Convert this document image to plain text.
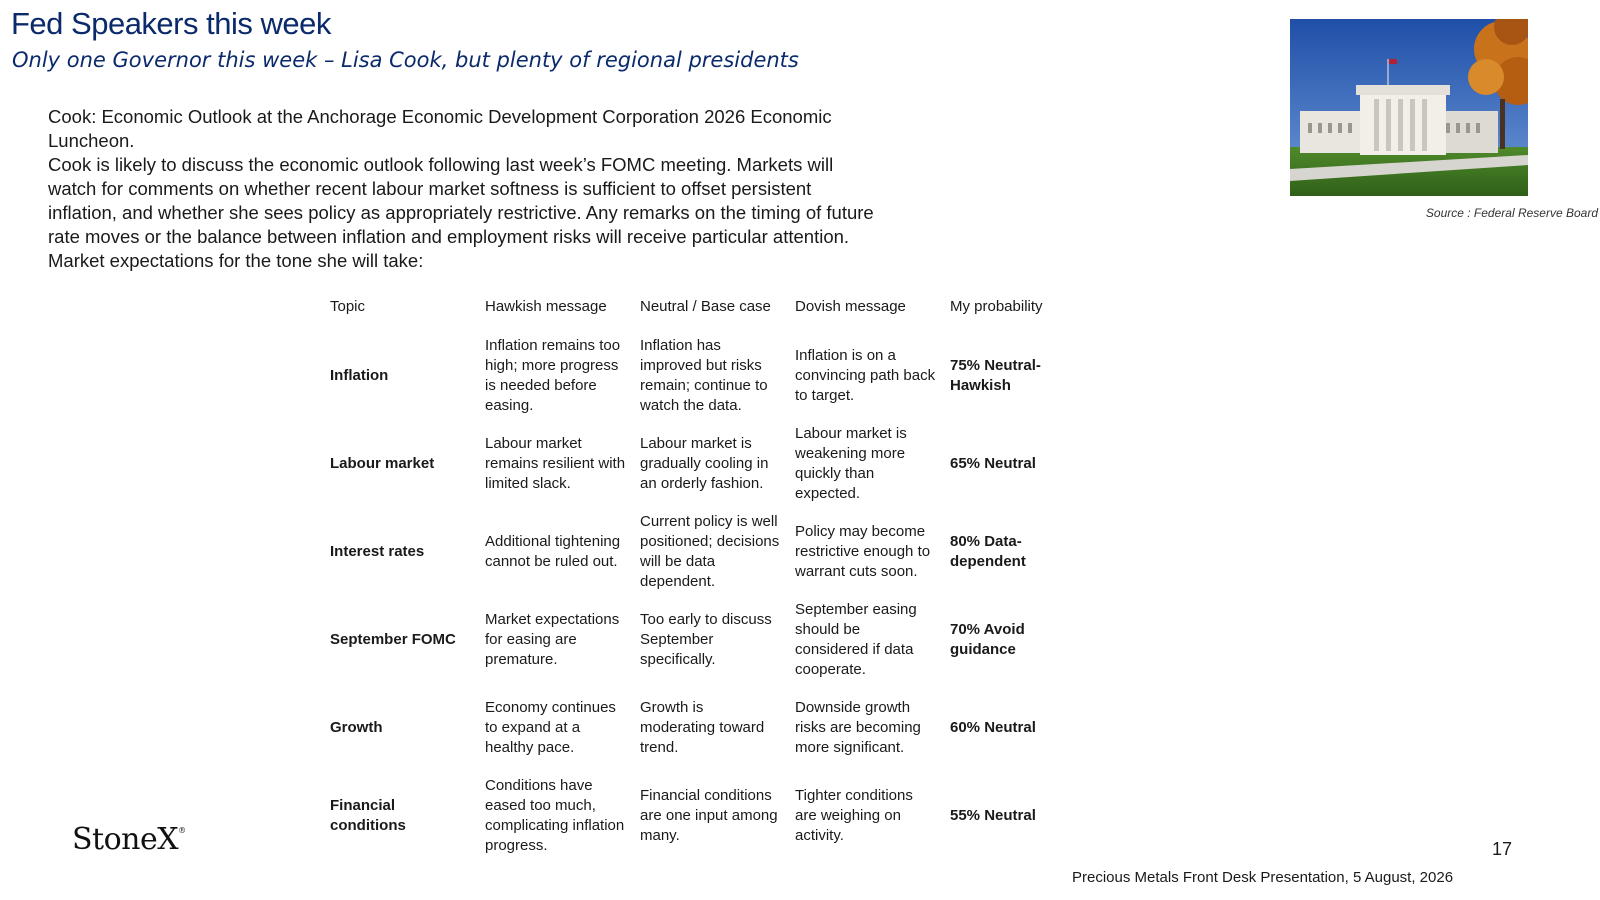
Fed Speakers this week
Only one Governor this week – Lisa Cook, but plenty of regional presidents

Cook: Economic Outlook at the Anchorage Economic Development Corporation 2026 Economic Luncheon.

Cook is likely to discuss the economic outlook following last week’s FOMC meeting. Markets will watch for comments on whether recent labour market softness is sufficient to offset persistent inflation, and whether she sees policy as appropriately restrictive. Any remarks on the timing of future rate moves or the balance between inflation and employment risks will receive particular attention. Market expectations for the tone she will take:

Source : Federal Reserve Board
Topic	Hawkish message	Neutral / Base case	Dovish message	My probability
Inflation	Inflation remains too high; more progress is needed before easing.	Inflation has improved but risks remain; continue to watch the data.	Inflation is on a convincing path back to target.	75% Neutral-Hawkish
Labour market	Labour market remains resilient with limited slack.	Labour market is gradually cooling in an orderly fashion.	Labour market is weakening more quickly than expected.	65% Neutral
Interest rates	Additional tightening cannot be ruled out.	Current policy is well positioned; decisions will be data dependent.	Policy may become restrictive enough to warrant cuts soon.	80% Data-dependent
September FOMC	Market expectations for easing are premature.	Too early to discuss September specifically.	September easing should be considered if data cooperate.	70% Avoid guidance
Growth	Economy continues to expand at a healthy pace.	Growth is moderating toward trend.	Downside growth risks are becoming more significant.	60% Neutral
Financial conditions	Conditions have eased too much, complicating inflation progress.	Financial conditions are one input among many.	Tighter conditions are weighing on activity.	55% Neutral
StoneX®
17
Precious Metals Front Desk Presentation, 5 August, 2026
